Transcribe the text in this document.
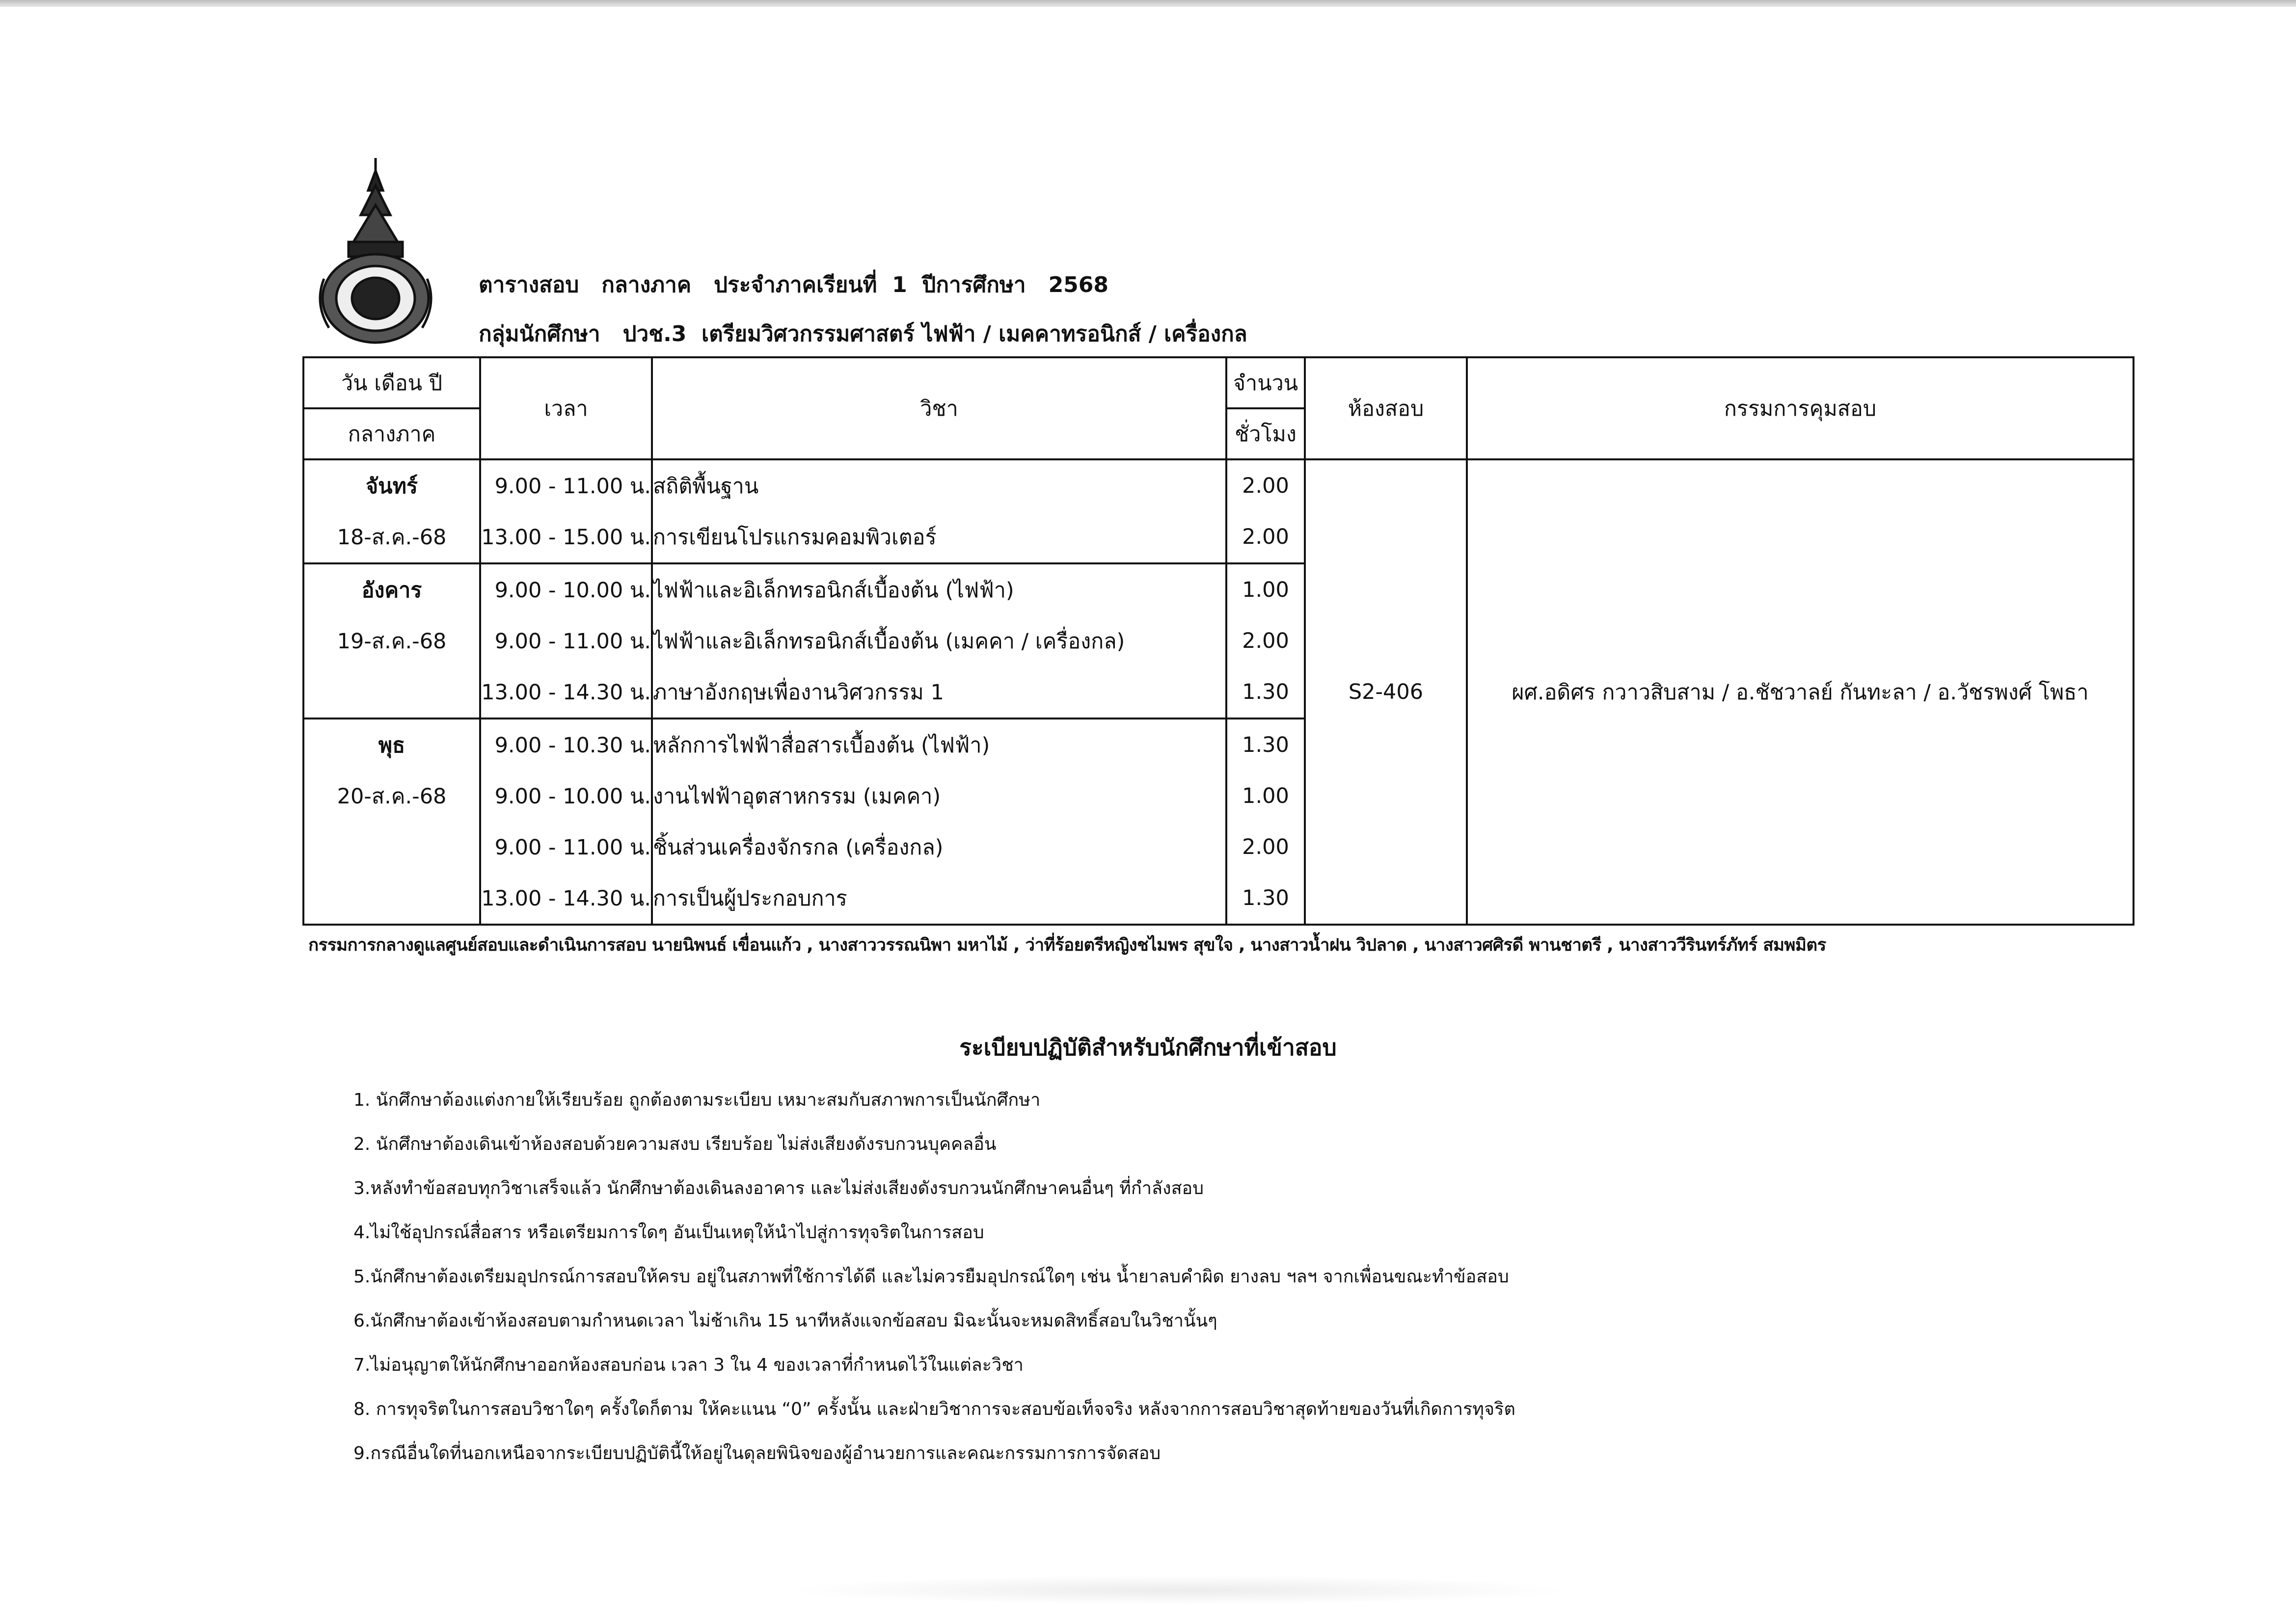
ตารางสอบ   กลางภาค   ประจำภาคเรียนที่  1  ปีการศึกษา   2568
กลุ่มนักศึกษา   ปวช.3  เตรียมวิศวกรรมศาสตร์ ไฟฟ้า / เมคคาทรอนิกส์ / เครื่องกล
วัน เดือน ปี	เวลา	วิชา	จำนวน	ห้องสอบ	กรรมการคุมสอบ
กลางภาค			ชั่วโมง		
จันทร์	9.00 - 11.00 น.	สถิติพื้นฐาน	2.00	S2-406	ผศ.อดิศร กวาวสิบสาม / อ.ชัชวาลย์ กันทะลา / อ.วัชรพงศ์ โพธา
18-ส.ค.-68	13.00 - 15.00 น.	การเขียนโปรแกรมคอมพิวเตอร์	2.00		
อังคาร	9.00 - 10.00 น.	ไฟฟ้าและอิเล็กทรอนิกส์เบื้องต้น (ไฟฟ้า)	1.00		
19-ส.ค.-68	9.00 - 11.00 น.	ไฟฟ้าและอิเล็กทรอนิกส์เบื้องต้น (เมคคา / เครื่องกล)	2.00		
	13.00 - 14.30 น.	ภาษาอังกฤษเพื่องานวิศวกรรม 1	1.30		
พุธ	9.00 - 10.30 น.	หลักการไฟฟ้าสื่อสารเบื้องต้น (ไฟฟ้า)	1.30		
20-ส.ค.-68	9.00 - 10.00 น.	งานไฟฟ้าอุตสาหกรรม (เมคคา)	1.00		
	9.00 - 11.00 น.	ชิ้นส่วนเครื่องจักรกล (เครื่องกล)	2.00		
	13.00 - 14.30 น.	การเป็นผู้ประกอบการ	1.30		
กรรมการกลางดูแลศูนย์สอบและดำเนินการสอบ นายนิพนธ์ เขื่อนแก้ว , นางสาววรรณนิพา มหาไม้ , ว่าที่ร้อยตรีหญิงชไมพร สุขใจ , นางสาวน้ำฝน วิปลาด , นางสาวศศิรดี พานชาตรี , นางสาววีรินทร์ภัทร์ สมพมิตร
ระเบียบปฏิบัติสำหรับนักศึกษาที่เข้าสอบ
1. นักศึกษาต้องแต่งกายให้เรียบร้อย ถูกต้องตามระเบียบ เหมาะสมกับสภาพการเป็นนักศึกษา
2. นักศึกษาต้องเดินเข้าห้องสอบด้วยความสงบ เรียบร้อย ไม่ส่งเสียงดังรบกวนบุคคลอื่น
3.หลังทำข้อสอบทุกวิชาเสร็จแล้ว นักศึกษาต้องเดินลงอาคาร และไม่ส่งเสียงดังรบกวนนักศึกษาคนอื่นๆ ที่กำลังสอบ
4.ไม่ใช้อุปกรณ์สื่อสาร หรือเตรียมการใดๆ อันเป็นเหตุให้นำไปสู่การทุจริตในการสอบ
5.นักศึกษาต้องเตรียมอุปกรณ์การสอบให้ครบ อยู่ในสภาพที่ใช้การได้ดี และไม่ควรยืมอุปกรณ์ใดๆ เช่น น้ำยาลบคำผิด ยางลบ ฯลฯ จากเพื่อนขณะทำข้อสอบ
6.นักศึกษาต้องเข้าห้องสอบตามกำหนดเวลา ไม่ช้าเกิน 15 นาทีหลังแจกข้อสอบ มิฉะนั้นจะหมดสิทธิ์สอบในวิชานั้นๆ
7.ไม่อนุญาตให้นักศึกษาออกห้องสอบก่อน เวลา 3 ใน 4 ของเวลาที่กำหนดไว้ในแต่ละวิชา
8. การทุจริตในการสอบวิชาใดๆ ครั้งใดก็ตาม ให้คะแนน “0” ครั้งนั้น และฝ่ายวิชาการจะสอบข้อเท็จจริง หลังจากการสอบวิชาสุดท้ายของวันที่เกิดการทุจริต
9.กรณีอื่นใดที่นอกเหนือจากระเบียบปฏิบัตินี้ให้อยู่ในดุลยพินิจของผู้อำนวยการและคณะกรรมการการจัดสอบ
